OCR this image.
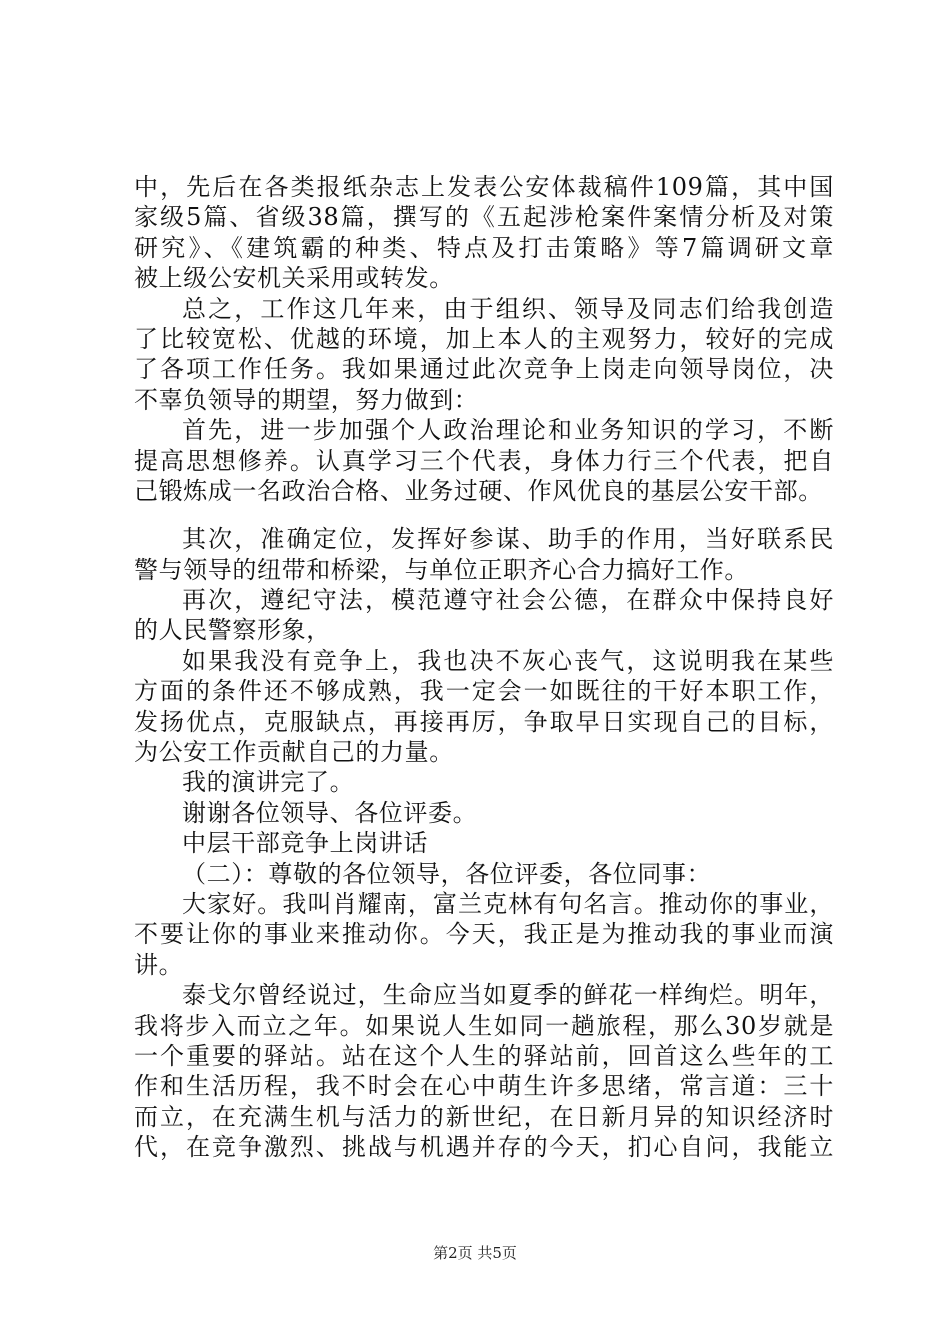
中，先后在各类报纸杂志上发表公安体裁稿件109篇，其中国
家级5篇、省级38篇，撰写的《五起涉枪案件案情分析及对策
研究》、《建筑霸的种类、特点及打击策略》等7篇调研文章
被上级公安机关采用或转发。
总之，工作这几年来，由于组织、领导及同志们给我创造
了比较宽松、优越的环境，加上本人的主观努力，较好的完成
了各项工作任务。我如果通过此次竞争上岗走向领导岗位，决
不辜负领导的期望，努力做到：
首先，进一步加强个人政治理论和业务知识的学习，不断
提高思想修养。认真学习三个代表，身体力行三个代表，把自
己锻炼成一名政治合格、业务过硬、作风优良的基层公安干部。
其次，准确定位，发挥好参谋、助手的作用，当好联系民
警与领导的纽带和桥梁，与单位正职齐心合力搞好工作。
再次，遵纪守法，模范遵守社会公德，在群众中保持良好
的人民警察形象，
如果我没有竞争上，我也决不灰心丧气，这说明我在某些
方面的条件还不够成熟，我一定会一如既往的干好本职工作，
发扬优点，克服缺点，再接再厉，争取早日实现自己的目标，
为公安工作贡献自己的力量。
我的演讲完了。
谢谢各位领导、各位评委。
中层干部竞争上岗讲话
（二）：尊敬的各位领导，各位评委，各位同事：
大家好。我叫肖耀南，富兰克林有句名言。推动你的事业，
不要让你的事业来推动你。今天，我正是为推动我的事业而演
讲。
泰戈尔曾经说过，生命应当如夏季的鲜花一样绚烂。明年，
我将步入而立之年。如果说人生如同一趟旅程，那么30岁就是
一个重要的驿站。站在这个人生的驿站前，回首这么些年的工
作和生活历程，我不时会在心中萌生许多思绪，常言道：三十
而立，在充满生机与活力的新世纪，在日新月异的知识经济时
代，在竞争激烈、挑战与机遇并存的今天，扪心自问，我能立
第2页 共5页
